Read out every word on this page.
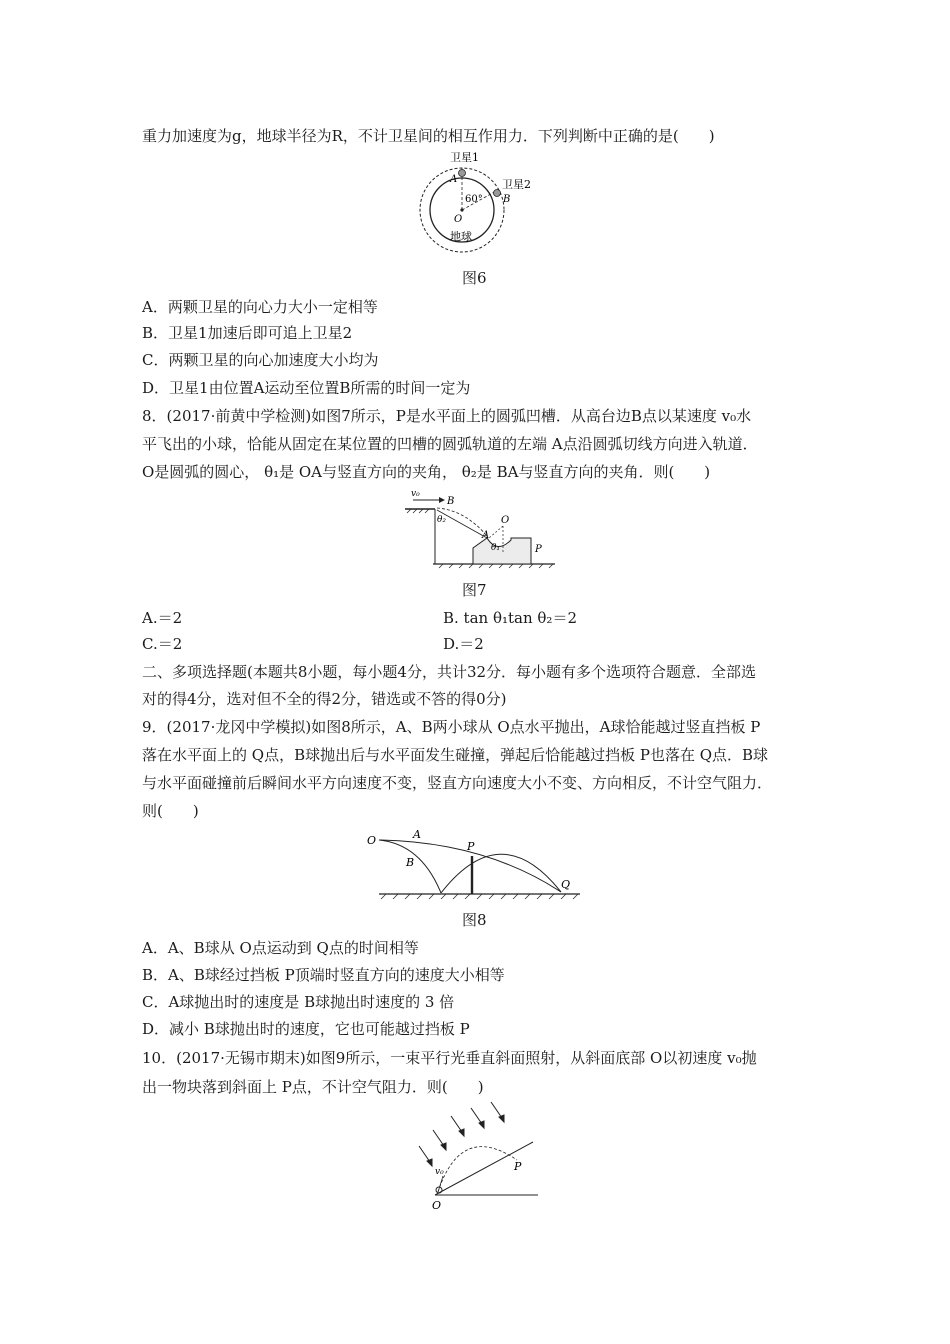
重力加速度为g，地球半径为R，不计卫星间的相互作用力．下列判断中正确的是(　　)
卫星1
卫星2
A
B
60°
O
地球
图6
A．两颗卫星的向心力大小一定相等
B．卫星1加速后即可追上卫星2
C．两颗卫星的向心加速度大小均为
D．卫星1由位置A运动至位置B所需的时间一定为
8．(2017·前黄中学检测)如图7所示，P是水平面上的圆弧凹槽．从高台边B点以某速度 v₀水
平飞出的小球，恰能从固定在某位置的凹槽的圆弧轨道的左端 A点沿圆弧切线方向进入轨道．
O是圆弧的圆心， θ₁是 OA与竖直方向的夹角， θ₂是 BA与竖直方向的夹角．则(　　)
v₀
B
θ₂
A
O
θ₁	P
图7
A.＝2	B. tan θ₁tan θ₂＝2
C.＝2	D.＝2
二、多项选择题(本题共8小题，每小题4分，共计32分．每小题有多个选项符合题意．全部选
对的得4分，选对但不全的得2分，错选或不答的得0分)
9．(2017·龙冈中学模拟)如图8所示，A、B两小球从 O点水平抛出，A球恰能越过竖直挡板 P
落在水平面上的 Q点，B球抛出后与水平面发生碰撞，弹起后恰能越过挡板 P也落在 Q点．B球
与水平面碰撞前后瞬间水平方向速度不变，竖直方向速度大小不变、方向相反，不计空气阻力．
则(　　)
O	A
B
P
Q
图8
A．A、B球从 O点运动到 Q点的时间相等
B．A、B球经过挡板 P顶端时竖直方向的速度大小相等
C．A球抛出时的速度是 B球抛出时速度的 3 倍
D．减小 B球抛出时的速度，它也可能越过挡板 P
10．(2017·无锡市期末)如图9所示，一束平行光垂直斜面照射，从斜面底部 O以初速度 v₀抛
出一物块落到斜面上 P点，不计空气阻力．则(　　)
v₀	P
O
